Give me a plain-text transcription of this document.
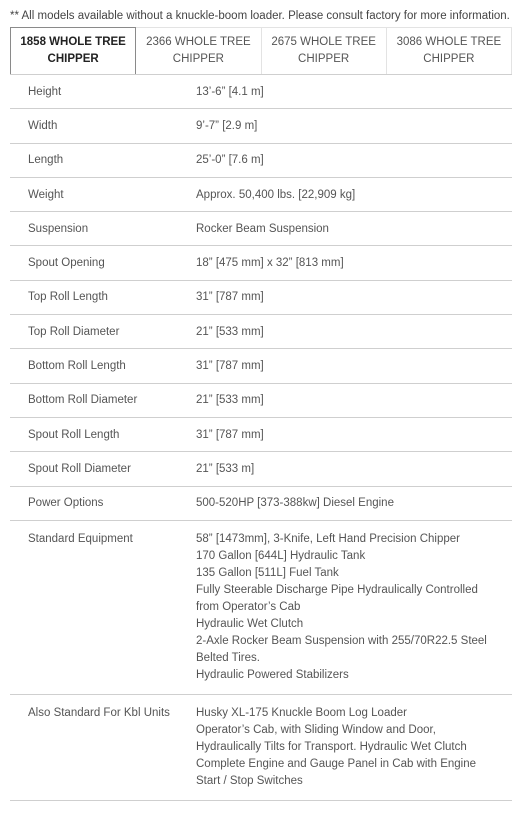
** All models available without a knuckle-boom loader. Please consult factory for more information.
1858 WHOLE TREE
CHIPPER
2366 WHOLE TREE
CHIPPER
2675 WHOLE TREE
CHIPPER
3086 WHOLE TREE
CHIPPER
Height	13’-6” [4.1 m]
Width	9’-7” [2.9 m]
Length	25’-0” [7.6 m]
Weight	Approx. 50,400 lbs. [22,909 kg]
Suspension	Rocker Beam Suspension
Spout Opening	18” [475 mm] x 32” [813 mm]
Top Roll Length	31” [787 mm]
Top Roll Diameter	21” [533 mm]
Bottom Roll Length	31” [787 mm]
Bottom Roll Diameter	21” [533 mm]
Spout Roll Length	31” [787 mm]
Spout Roll Diameter	21” [533 m]
Power Options	500-520HP [373-388kw] Diesel Engine
Standard Equipment	58” [1473mm], 3-Knife, Left Hand Precision Chipper
170 Gallon [644L] Hydraulic Tank
135 Gallon [511L] Fuel Tank
Fully Steerable Discharge Pipe Hydraulically Controlled
from Operator’s Cab
Hydraulic Wet Clutch
2-Axle Rocker Beam Suspension with 255/70R22.5 Steel
Belted Tires.
Hydraulic Powered Stabilizers
Also Standard For Kbl Units	Husky XL-175 Knuckle Boom Log Loader
Operator’s Cab, with Sliding Window and Door,
Hydraulically Tilts for Transport. Hydraulic Wet Clutch
Complete Engine and Gauge Panel in Cab with Engine
Start / Stop Switches
